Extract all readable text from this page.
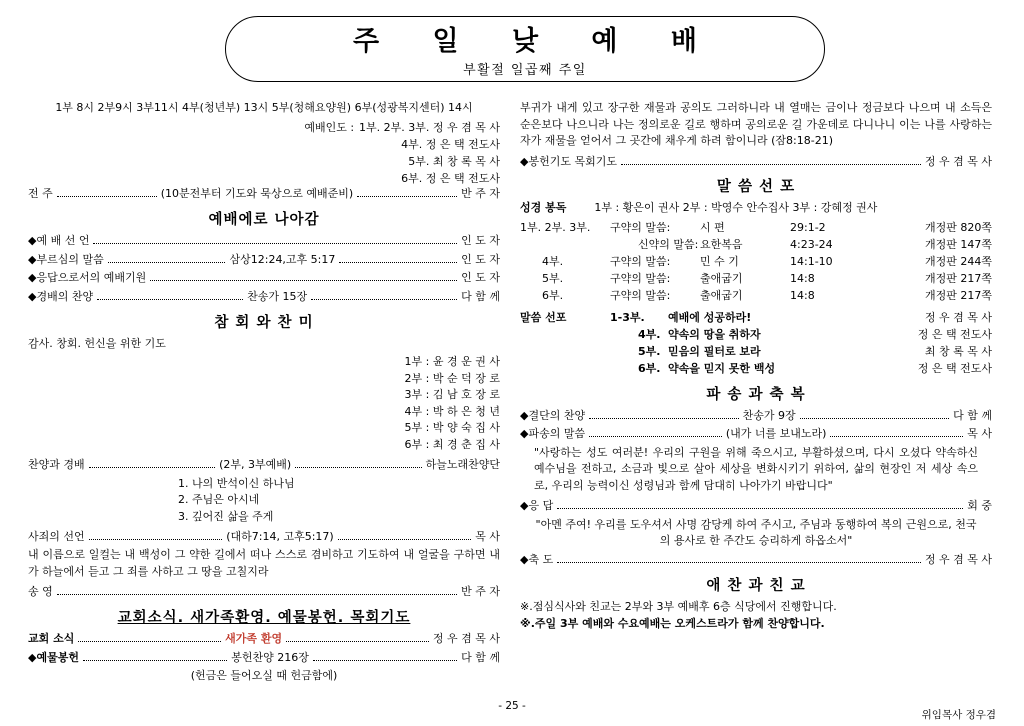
주 일 낮 예 배
부활절 일곱째 주일
1부 8시 2부9시 3부11시 4부(청년부) 13시 5부(청해요양원) 6부(성광복지센터) 14시
예배인도 :	1부. 2부. 3부. 정 우 겸 목 사
	4부. 정 은 택 전도사
	5부. 최 창 록 목 사
	6부. 정 은 택 전도사
전 주	(10분전부터 기도와 묵상으로 예배준비)	반 주 자
예배에로 나아감
◆ 예 배 선 언	인 도 자
◆ 부르심의 말씀	삼상12:24,고후 5:17	인 도 자
◆ 응답으로서의 예배기원	인 도 자
◆ 경배의 찬양	찬송가 15장	다 함 께
참 회 와 찬 미
감사. 창회. 헌신을 위한 기도
1부 : 윤 경 운 권 사
2부 : 박 순 덕 장 로
3부 : 김 남 호 장 로
4부 : 박 하 은 청 년
5부 : 박 양 숙 집 사
6부 : 최 경 춘 집 사
찬양과 경배	(2부, 3부예배)	하늘노래찬양단
1. 나의 반석이신 하나님
2. 주님은 아시네
3. 깊어진 삶을 주게
사죄의 선언	(대하7:14, 고후5:17)	목 사
내 이름으로 일컬는 내 백성이 그 약한 길에서 떠나 스스로 겸비하고 기도하여 내 얼굴을 구하면 내가 하늘에서 듣고 그 죄를 사하고 그 땅을 고칠지라
송 영	반 주 자
교회소식. 새가족환영. 예물봉헌. 목회기도
교회 소식	새가족 환영	정 우 겸 목 사
◆ 예물봉헌	봉헌찬양 216장	다 함 께
(헌금은 들어오실 때 헌금함에)
부귀가 내게 있고 장구한 재물과 공의도 그러하니라 내 열매는 금이나 정금보다 나으며 내 소득은 순은보다 나으니라 나는 정의로운 길로 행하며 공의로운 길 가운데로 다니나니 이는 나를 사랑하는 자가 재물을 얻어서 그 곳간에 채우게 하려 함이니라 (잠8:18-21)
◆ 봉헌기도 목회기도	정 우 겸 목 사
말 씀 선 포
성경 봉독	1부 : 황은이 권사 2부 : 박영수 안수집사 3부 : 강혜정 권사
1부. 2부. 3부.	구약의 말씀:	시 편	29:1-2	개정판 820쪽
	신약의 말씀:	요한복음	4:23-24	개정판 147쪽
4부.	구약의 말씀:	민 수 기	14:1-10	개정판 244쪽
5부.	구약의 말씀:	출애굽기	14:8	개정판 217쪽
6부.	구약의 말씀:	출애굽기	14:8	개정판 217쪽
말씀 선포	1-3부.	예배에 성공하라!	정 우 겸 목 사
	4부.	약속의 땅을 취하자	정 은 택 전도사
	5부.	믿음의 필터로 보라	최 창 록 목 사
	6부.	약속을 믿지 못한 백성	정 은 택 전도사
파 송 과 축 복
◆ 결단의 찬양	찬송가 9장	다 함 께
◆ 파송의 말씀	(내가 너를 보내노라)	목 사
"사랑하는 성도 여러분! 우리의 구원을 위해 죽으시고, 부활하셨으며, 다시 오셨다 약속하신 예수님을 전하고, 소금과 빛으로 살아 세상을 변화시키기 위하여, 삶의 현장인 저 세상 속으로, 우리의 능력이신 성령님과 함께 담대히 나아가기 바랍니다"
◆ 응 답	회 중
"아멘 주여! 우리를 도우셔서 사명 감당케 하여 주시고, 주님과 동행하여 복의 근원으로, 천국의 용사로 한 주간도 승리하게 하옵소서"
◆ 축 도	정 우 겸 목 사
애 찬 과 친 교
※.점심식사와 친교는 2부와 3부 예배후 6층 식당에서 진행합니다.
※.주일 3부 예배와 수요예배는 오케스트라가 함께 찬양합니다.
- 25 -
위임목사 정우겸
